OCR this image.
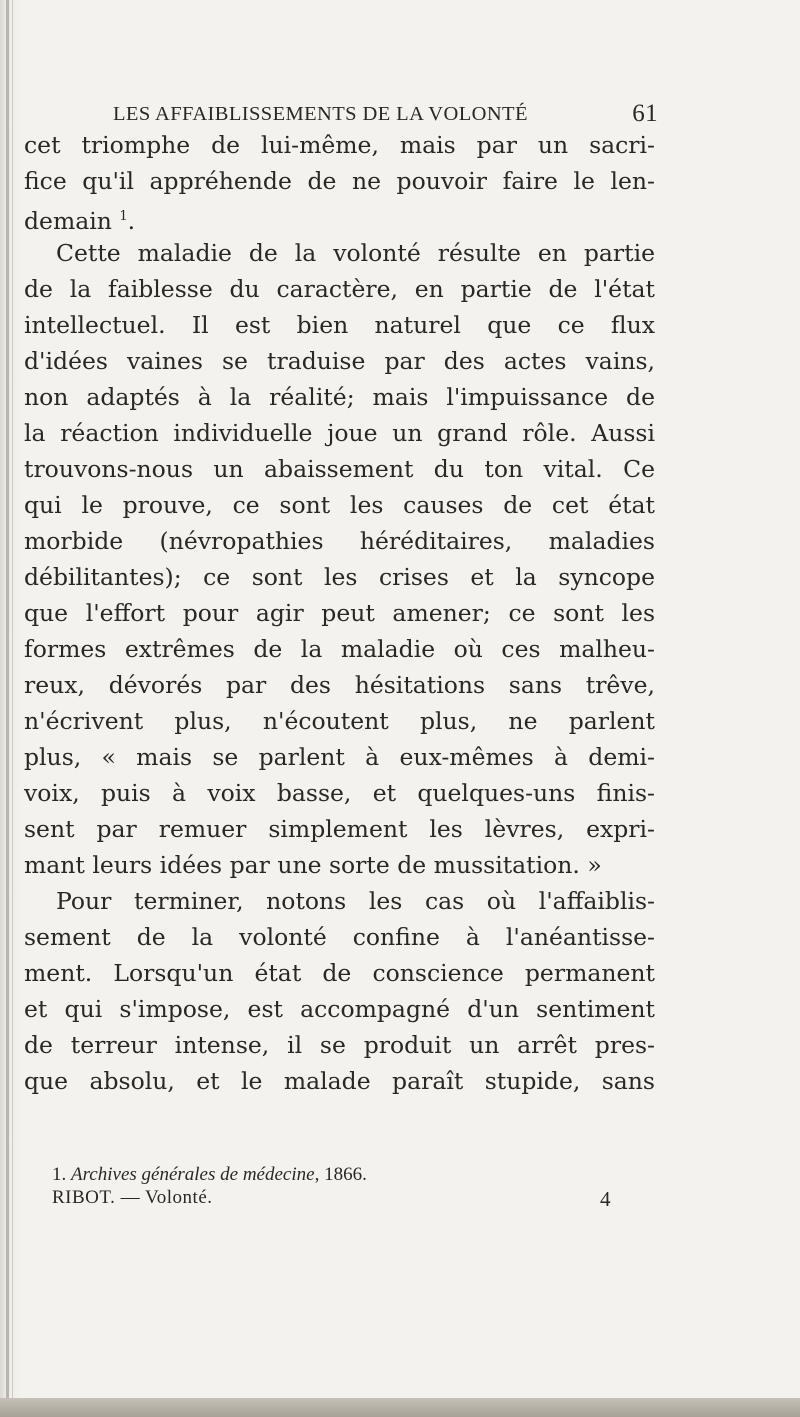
LES AFFAIBLISSEMENTS DE LA VOLONTÉ	61
cet triomphe de lui-même, mais par un sacri-
fice qu'il appréhende de ne pouvoir faire le len-
demain $^1$.
Cette maladie de la volonté résulte en partie
de la faiblesse du caractère, en partie de l'état
intellectuel. Il est bien naturel que ce flux
d'idées vaines se traduise par des actes vains,
non adaptés à la réalité; mais l'impuissance de
la réaction individuelle joue un grand rôle. Aussi
trouvons-nous un abaissement du ton vital. Ce
qui le prouve, ce sont les causes de cet état
morbide (névropathies héréditaires, maladies
débilitantes); ce sont les crises et la syncope
que l'effort pour agir peut amener; ce sont les
formes extrêmes de la maladie où ces malheu-
reux, dévorés par des hésitations sans trêve,
n'écrivent plus, n'écoutent plus, ne parlent
plus, « mais se parlent à eux-mêmes à demi-
voix, puis à voix basse, et quelques-uns finis-
sent par remuer simplement les lèvres, expri-
mant leurs idées par une sorte de mussitation. »
Pour terminer, notons les cas où l'affaiblis-
sement de la volonté confine à l'anéantisse-
ment. Lorsqu'un état de conscience permanent
et qui s'impose, est accompagné d'un sentiment
de terreur intense, il se produit un arrêt pres-
que absolu, et le malade paraît stupide, sans
1. Archives générales de médecine, 1866.
RIBOT. — Volonté.	4
